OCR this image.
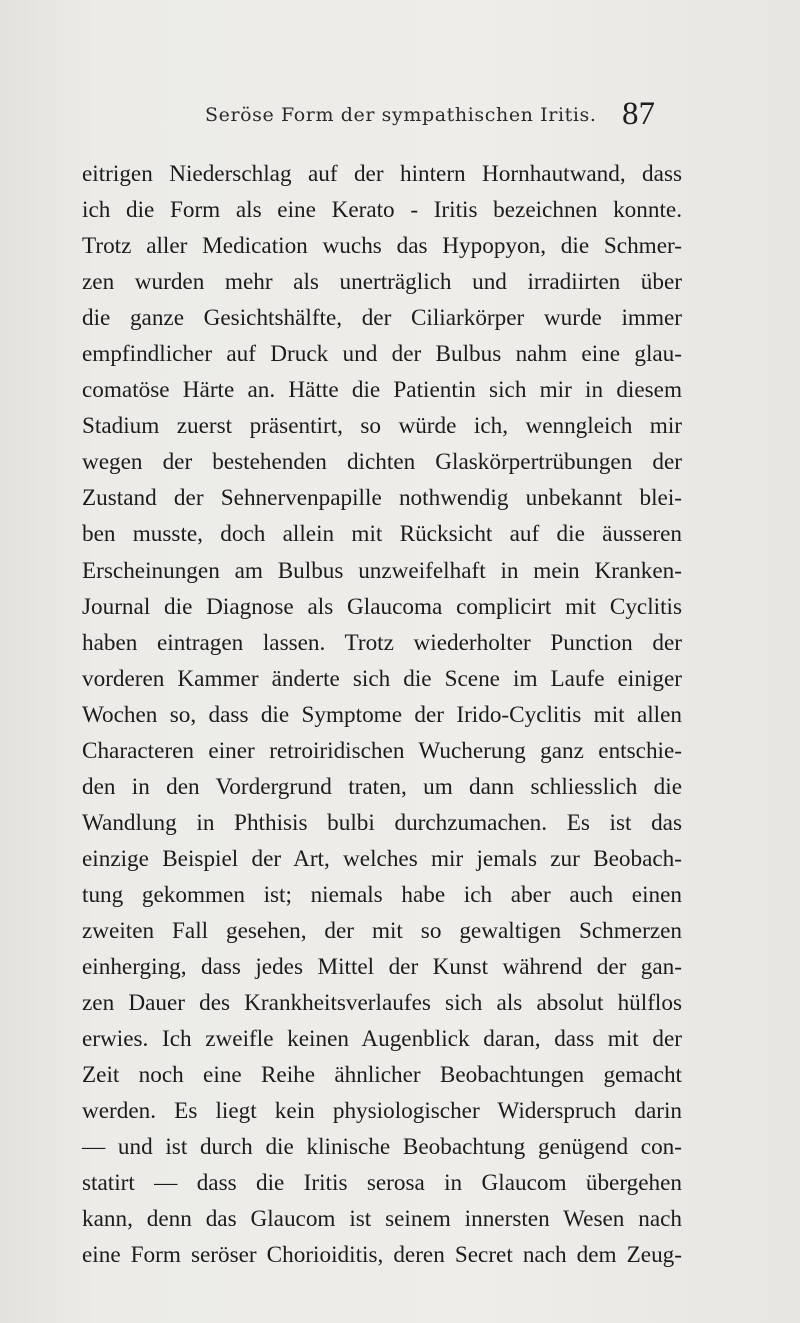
Seröse Form der sympathischen Iritis. 87
eitrigen Niederschlag auf der hintern Hornhautwand, dass
ich die Form als eine Kerato - Iritis bezeichnen konnte.
Trotz aller Medication wuchs das Hypopyon, die Schmer-
zen wurden mehr als unerträglich und irradiirten über
die ganze Gesichtshälfte, der Ciliarkörper wurde immer
empfindlicher auf Druck und der Bulbus nahm eine glau-
comatöse Härte an. Hätte die Patientin sich mir in diesem
Stadium zuerst präsentirt, so würde ich, wenngleich mir
wegen der bestehenden dichten Glaskörpertrübungen der
Zustand der Sehnervenpapille nothwendig unbekannt blei-
ben musste, doch allein mit Rücksicht auf die äusseren
Erscheinungen am Bulbus unzweifelhaft in mein Kranken-
Journal die Diagnose als Glaucoma complicirt mit Cyclitis
haben eintragen lassen. Trotz wiederholter Punction der
vorderen Kammer änderte sich die Scene im Laufe einiger
Wochen so, dass die Symptome der Irido-Cyclitis mit allen
Characteren einer retroiridischen Wucherung ganz entschie-
den in den Vordergrund traten, um dann schliesslich die
Wandlung in Phthisis bulbi durchzumachen. Es ist das
einzige Beispiel der Art, welches mir jemals zur Beobach-
tung gekommen ist; niemals habe ich aber auch einen
zweiten Fall gesehen, der mit so gewaltigen Schmerzen
einherging, dass jedes Mittel der Kunst während der gan-
zen Dauer des Krankheitsverlaufes sich als absolut hülflos
erwies. Ich zweifle keinen Augenblick daran, dass mit der
Zeit noch eine Reihe ähnlicher Beobachtungen gemacht
werden. Es liegt kein physiologischer Widerspruch darin
— und ist durch die klinische Beobachtung genügend con-
statirt — dass die Iritis serosa in Glaucom übergehen
kann, denn das Glaucom ist seinem innersten Wesen nach
eine Form seröser Chorioiditis, deren Secret nach dem Zeug-
